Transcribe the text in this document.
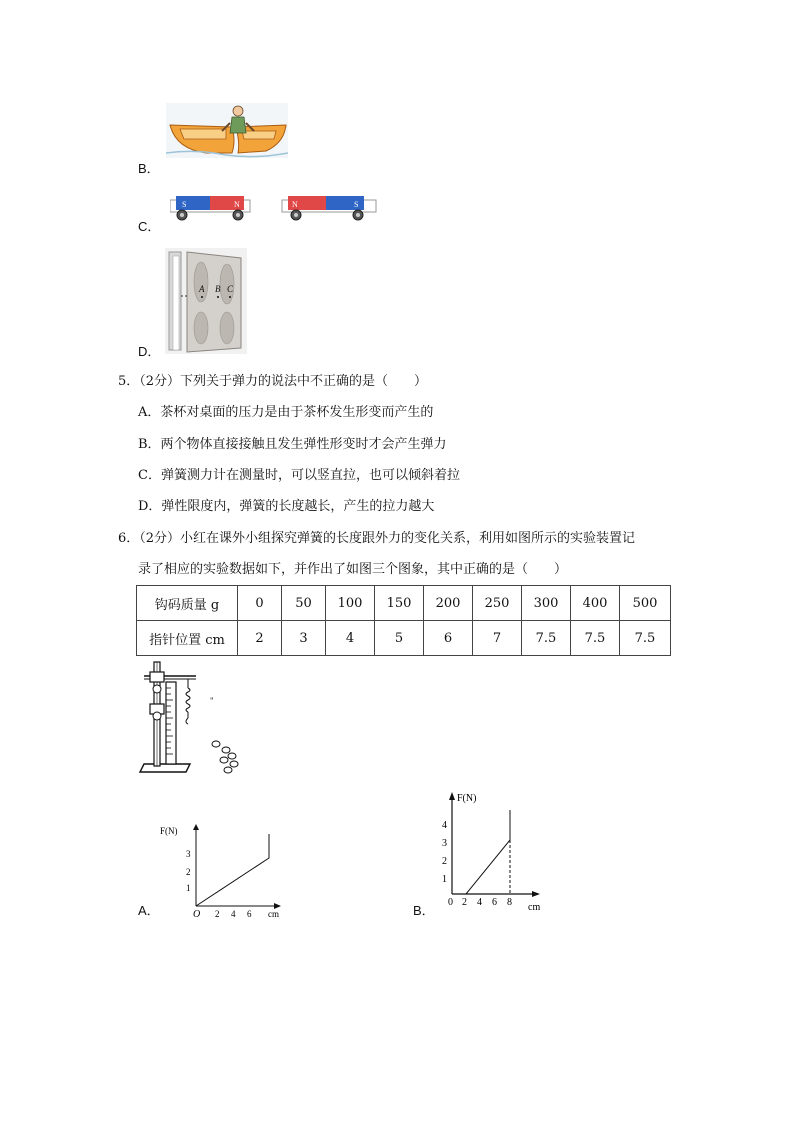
B．
S	N	N	S
C．
A B C
D．
5．（2分）下列关于弹力的说法中不正确的是（　　）
A．茶杯对桌面的压力是由于茶杯发生形变而产生的
B．两个物体直接接触且发生弹性形变时才会产生弹力
C．弹簧测力计在测量时，可以竖直拉，也可以倾斜着拉
D．弹性限度内，弹簧的长度越长，产生的拉力越大
6．（2分）小红在课外小组探究弹簧的长度跟外力的变化关系，利用如图所示的实验装置记
录了相应的实验数据如下，并作出了如图三个图象，其中正确的是（　　）
钩码质量 g	0	50	100	150	200	250	300	400	500
指针位置 cm	2	3	4	5	6	7	7.5	7.5	7.5
"
F(N)
O
1
2
3
2 4 6 cm
A．
F(N)
0
1
2
3
4
2 4 6 8 cm
B．
